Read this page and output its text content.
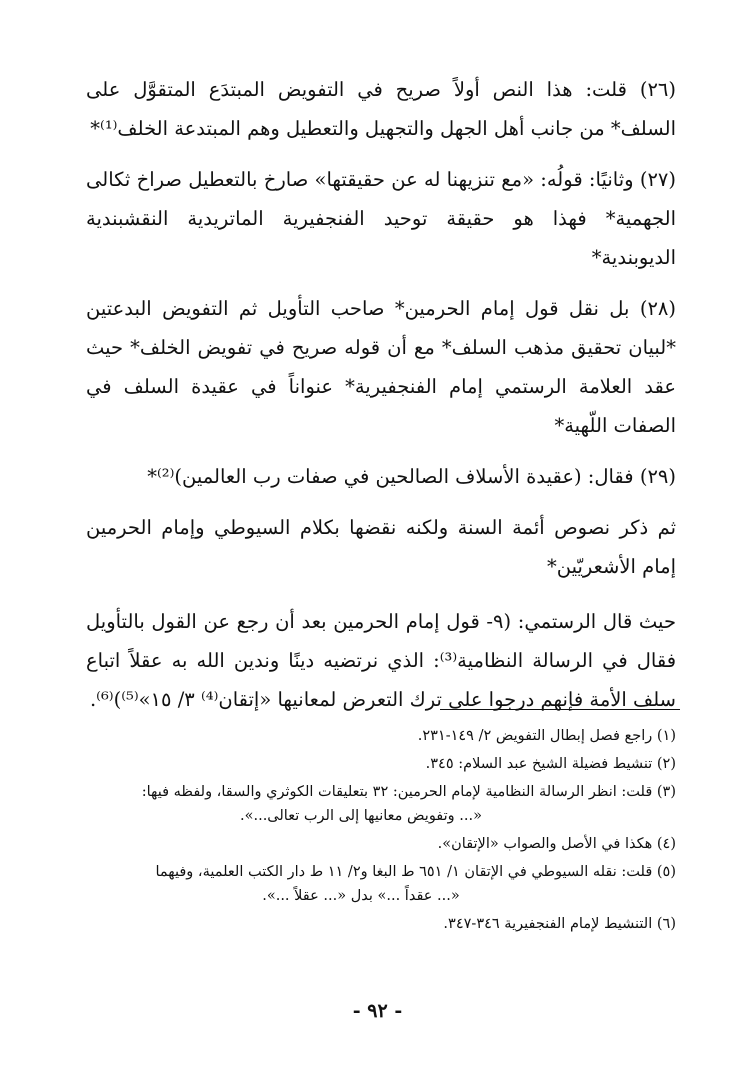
(٢٦) قلت: هذا النص أولاً صريح في التفويض المبتدَع المتقوَّل على السلف* من جانب أهل الجهل والتجهيل والتعطيل وهم المبتدعة الخلف⁽¹⁾*

(٢٧) وثانيًا: قولُه: «مع تنزيهنا له عن حقيقتها» صارخ بالتعطيل صراخ ثكالى الجهمية* فهذا هو حقيقة توحيد الفنجفيرية الماتريدية النقشبندية الديوبندية*

(٢٨) بل نقل قول إمام الحرمين* صاحب التأويل ثم التفويض البدعتين *لبيان تحقيق مذهب السلف* مع أن قوله صريح في تفويض الخلف* حيث عقد العلامة الرستمي إمام الفنجفيرية* عنواناً في عقيدة السلف في الصفات اللّهية*

(٢٩) فقال: (عقيدة الأسلاف الصالحين في صفات رب العالمين)⁽²⁾*

ثم ذكر نصوص أئمة السنة ولكنه نقضها بكلام السيوطي وإمام الحرمين إمام الأشعريّين*

حيث قال الرستمي: (٩- قول إمام الحرمين بعد أن رجع عن القول بالتأويل فقال في الرسالة النظامية⁽³⁾: الذي نرتضيه دينًا وندين الله به عقلاً اتباع سلف الأمة فإنهم درجوا على ترك التعرض لمعانيها «إتقان⁽⁴⁾ ٣/ ١٥»⁽⁵⁾)⁽⁶⁾.

(١) راجع فصل إبطال التفويض ٢/ ١٤٩-٢٣١.

(٢) تنشيط فضيلة الشيخ عبد السلام: ٣٤٥.

(٣) قلت: انظر الرسالة النظامية لإمام الحرمين: ٣٢ بتعليقات الكوثري والسقا، ولفظه فيها:

«... وتفويض معانيها إلى الرب تعالى...».

(٤) هكذا في الأصل والصواب «الإتقان».

(٥) قلت: نقله السيوطي في الإتقان ١/ ٦٥١ ط البغا و٢/ ١١ ط دار الكتب العلمية، وفيهما

«... عقداً ...» بدل «... عقلاً ...».

(٦) التنشيط لإمام الفنجفيرية ٣٤٦-٣٤٧.

- ٩٢ -
